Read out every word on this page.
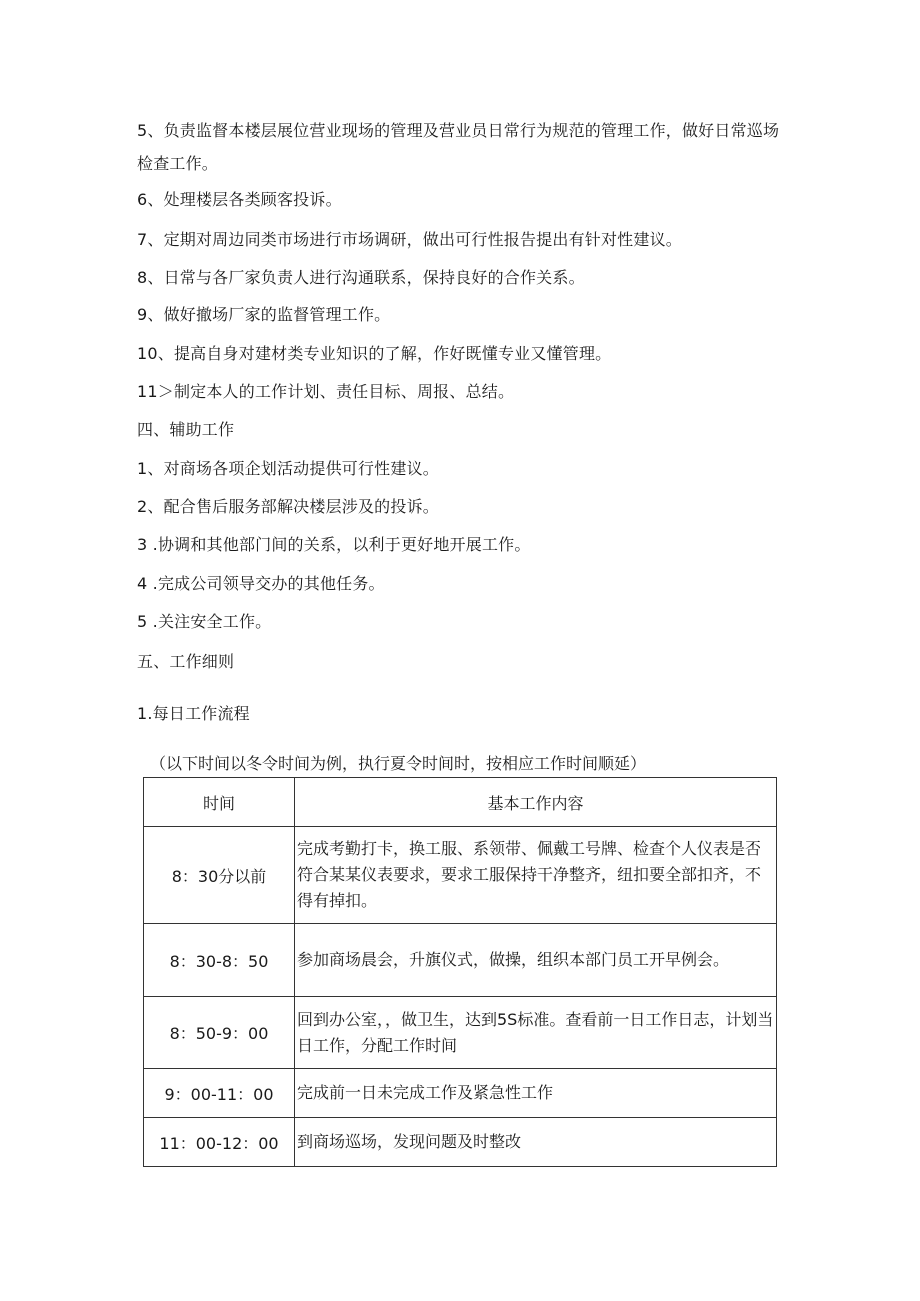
5、负责监督本楼层展位营业现场的管理及营业员日常行为规范的管理工作，做好日常巡场检查工作。
6、处理楼层各类顾客投诉。
7、定期对周边同类市场进行市场调研，做出可行性报告提出有针对性建议。
8、日常与各厂家负责人进行沟通联系，保持良好的合作关系。
9、做好撤场厂家的监督管理工作。
10、提高自身对建材类专业知识的了解，作好既懂专业又懂管理。
11＞制定本人的工作计划、责任目标、周报、总结。
四、辅助工作
1、对商场各项企划活动提供可行性建议。
2、配合售后服务部解决楼层涉及的投诉。
3 .协调和其他部门间的关系，以利于更好地开展工作。
4 .完成公司领导交办的其他任务。
5 .关注安全工作。
五、工作细则
1.每日工作流程
（以下时间以冬令时间为例，执行夏令时间时，按相应工作时间顺延）
时间	基本工作内容
8：30分以前	完成考勤打卡，换工服、系领带、佩戴工号牌、检查个人仪表是否符合某某仪表要求，要求工服保持干净整齐，纽扣要全部扣齐，不得有掉扣。
8：30-8：50	参加商场晨会，升旗仪式，做操，组织本部门员工开早例会。
8：50-9：00	回到办公室，，做卫生，达到5S标准。查看前一日工作日志，计划当日工作，分配工作时间
9：00-11：00	完成前一日未完成工作及紧急性工作
11：00-12：00	到商场巡场，发现问题及时整改
